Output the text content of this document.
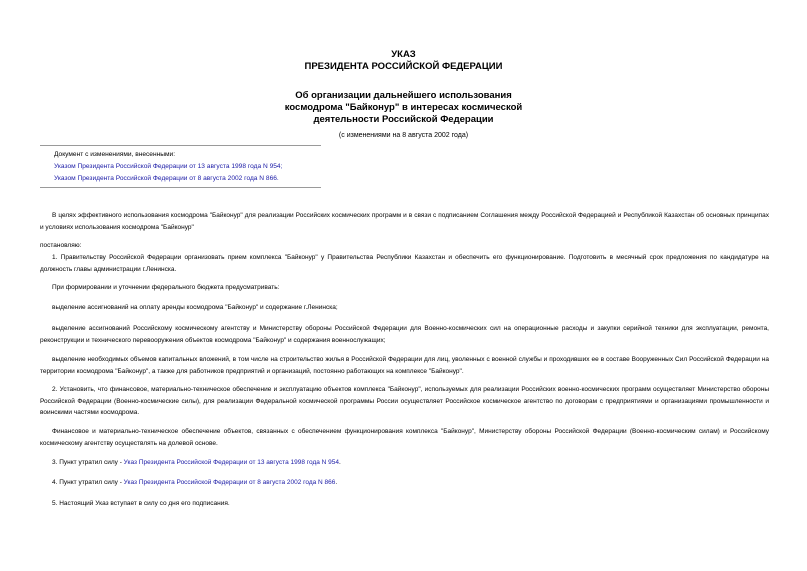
УКАЗ
ПРЕЗИДЕНТА РОССИЙСКОЙ ФЕДЕРАЦИИ
Об организации дальнейшего использования
космодрома "Байконур" в интересах космической
деятельности Российской Федерации
(с изменениями на 8 августа 2002 года)
Документ с изменениями, внесенными:
Указом Президента Российской Федерации от 13 августа 1998 года N 954;
Указом Президента Российской Федерации от 8 августа 2002 года N 866.

В целях эффективного использования космодрома "Байконур" для реализации Российских космических программ и в связи с подписанием Соглашения между Российской Федерацией и Республикой Казахстан об основных принципах и условиях использования космодрома "Байконур"

постановляю:

1. Правительству Российской Федерации организовать прием комплекса "Байконур" у Правительства Республики Казахстан и обеспечить его функционирование. Подготовить в месячный срок предложения по кандидатуре на должность главы администрации г.Ленинска.

При формировании и уточнении федерального бюджета предусматривать:

выделение ассигнований на оплату аренды космодрома "Байконур" и содержание г.Ленинска;

выделение ассигнований Российскому космическому агентству и Министерству обороны Российской Федерации для Военно-космических сил на операционные расходы и закупки серийной техники для эксплуатации, ремонта, реконструкции и технического перевооружения объектов космодрома "Байконур" и содержания военнослужащих;

выделение необходимых объемов капитальных вложений, в том числе на строительство жилья в Российской Федерации для лиц, уволенных с военной службы и проходивших ее в составе Вооруженных Сил Российской Федерации на территории космодрома "Байконур", а также для работников предприятий и организаций, постоянно работающих на комплексе "Байконур".

2. Установить, что финансовое, материально-техническое обеспечение и эксплуатацию объектов комплекса "Байконур", используемых для реализации Российских военно-космических программ осуществляет Министерство обороны Российской Федерации (Военно-космические силы), для реализации Федеральной космической программы России осуществляет Российское космическое агентство по договорам с предприятиями и организациями промышленности и воинскими частями космодрома.

Финансовое и материально-техническое обеспечение объектов, связанных с обеспечением функционирования комплекса "Байконур", Министерству обороны Российской Федерации (Военно-космическим силам) и Российскому космическому агентству осуществлять на долевой основе.

3. Пункт утратил силу - Указ Президента Российской Федерации от 13 августа 1998 года N 954.

4. Пункт утратил силу - Указ Президента Российской Федерации от 8 августа 2002 года N 866.

5. Настоящий Указ вступает в силу со дня его подписания.
